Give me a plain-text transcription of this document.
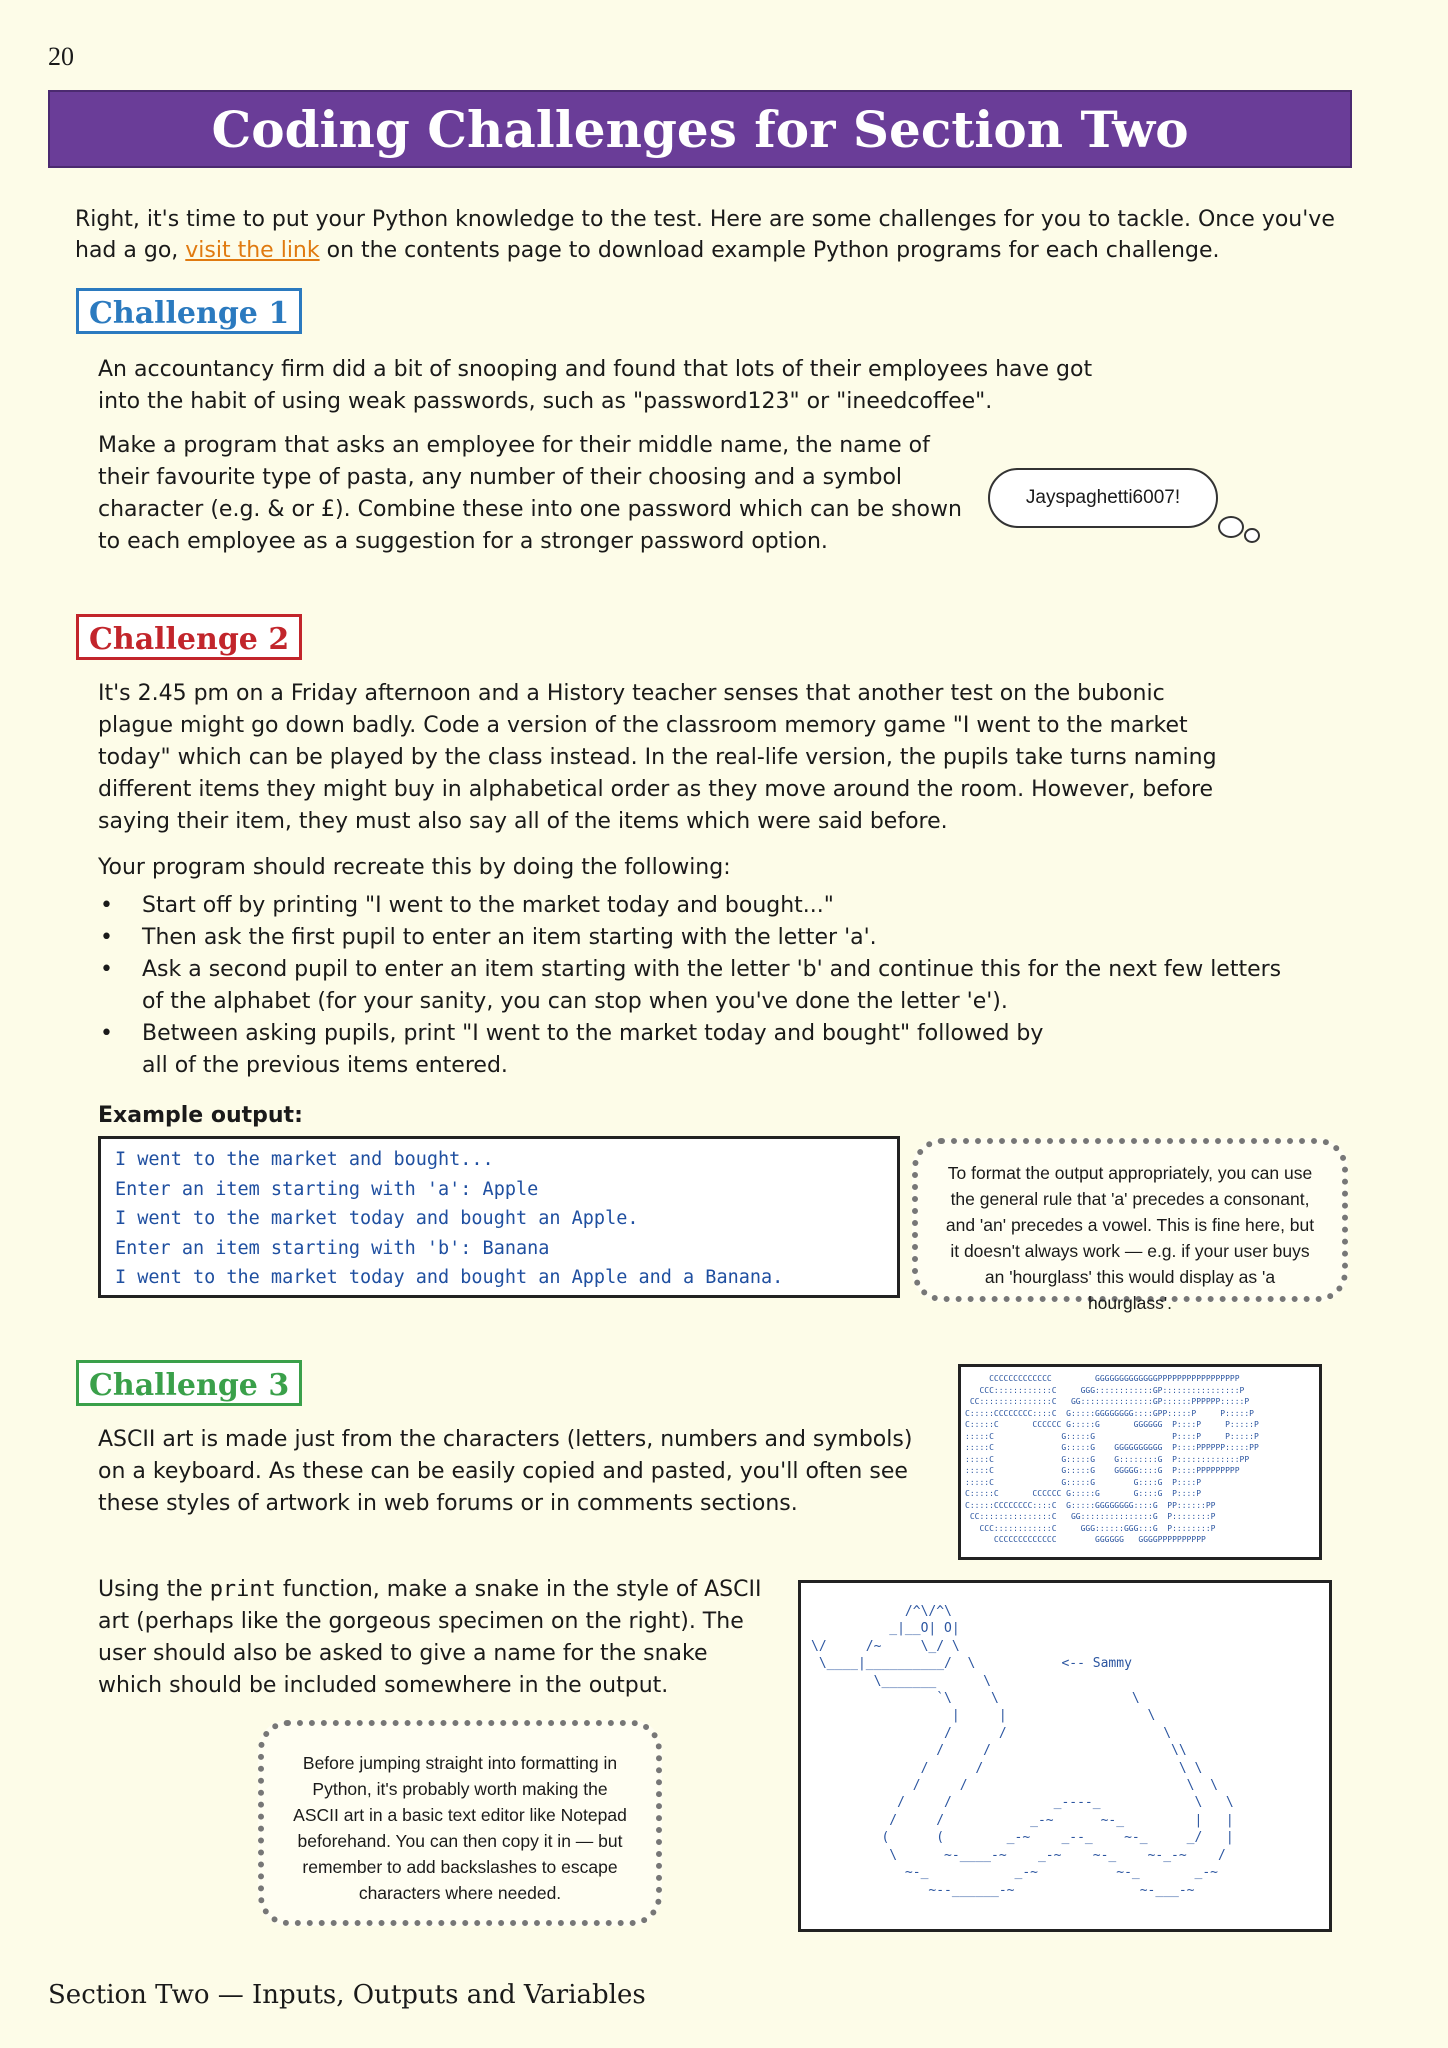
20
Coding Challenges for Section Two
Right, it's time to put your Python knowledge to the test. Here are some challenges for you to tackle. Once you've had a go, visit the link on the contents page to download example Python programs for each challenge.
Challenge 1
An accountancy firm did a bit of snooping and found that lots of their employees have got into the habit of using weak passwords, such as "password123" or "ineedcoffee".
Make a program that asks an employee for their middle name, the name of their favourite type of pasta, any number of their choosing and a symbol character (e.g. & or £). Combine these into one password which can be shown to each employee as a suggestion for a stronger password option.
Jayspaghetti6007!
Challenge 2
It's 2.45 pm on a Friday afternoon and a History teacher senses that another test on the bubonic plague might go down badly. Code a version of the classroom memory game "I went to the market today" which can be played by the class instead. In the real-life version, the pupils take turns naming different items they might buy in alphabetical order as they move around the room. However, before saying their item, they must also say all of the items which were said before.
Your program should recreate this by doing the following:
• Start off by printing "I went to the market today and bought..."
• Then ask the first pupil to enter an item starting with the letter 'a'.
• Ask a second pupil to enter an item starting with the letter 'b' and continue this for the next few letters of the alphabet (for your sanity, you can stop when you've done the letter 'e').
• Between asking pupils, print "I went to the market today and bought" followed by all of the previous items entered.
Example output:
I went to the market and bought...
Enter an item starting with 'a': Apple
I went to the market today and bought an Apple.
Enter an item starting with 'b': Banana
I went to the market today and bought an Apple and a Banana.
To format the output appropriately, you can use the general rule that 'a' precedes a consonant, and 'an' precedes a vowel. This is fine here, but it doesn't always work — e.g. if your user buys an 'hourglass' this would display as 'a hourglass'.
Challenge 3
ASCII art is made just from the characters (letters, numbers and symbols) on a keyboard. As these can be easily copied and pasted, you'll often see these styles of artwork in web forums or in comments sections.
CCCCCCCCCCCCC         GGGGGGGGGGGGGPPPPPPPPPPPPPPPPP
CCC::::::::::::C     GGG::::::::::::GP::::::::::::::::P
CC:::::::::::::::C   GG:::::::::::::::GP::::::PPPPPP:::::P
C:::::CCCCCCCC::::C  G:::::GGGGGGGG::::GPP:::::P     P:::::P
C:::::C       CCCCCC G:::::G       GGGGGG  P::::P     P:::::P
:::::C              G:::::G                P::::P     P:::::P
:::::C              G:::::G    GGGGGGGGGG  P::::PPPPPP:::::PP
:::::C              G:::::G    G::::::::G  P:::::::::::::PP
:::::C              G:::::G    GGGGG::::G  P::::PPPPPPPPP
:::::C              G:::::G        G::::G  P::::P
C:::::C       CCCCCC G:::::G       G::::G  P::::P
C:::::CCCCCCCC::::C  G:::::GGGGGGGG::::G  PP::::::PP
CC:::::::::::::::C   GG:::::::::::::::G  P::::::::P
CCC::::::::::::C     GGG::::::GGG:::G  P::::::::P
CCCCCCCCCCCCC        GGGGGG   GGGGPPPPPPPPPP
Using the print function, make a snake in the style of ASCII art (perhaps like the gorgeous specimen on the right). The user should also be asked to give a name for the snake which should be included somewhere in the output.
/^\/^\
_|__O| O|
\/     /~     \_/ \
\____|__________/  \           <-- Sammy
\_______      \
`\     \                 \
|     |                  \
/      /                    \
/     /                       \\
/      /                         \ \
/     /                            \  \
/     /             _----_            \   \
/     /           _-~      ~-_         |   |
(      (        _-~    _--_    ~-_     _/   |
\      ~-____-~    _-~    ~-_    ~-_-~    /
~-_           _-~          ~-_       _-~
~--______-~                ~-___-~
Before jumping straight into formatting in Python, it's probably worth making the ASCII art in a basic text editor like Notepad beforehand. You can then copy it in — but remember to add backslashes to escape characters where needed.
Section Two — Inputs, Outputs and Variables
